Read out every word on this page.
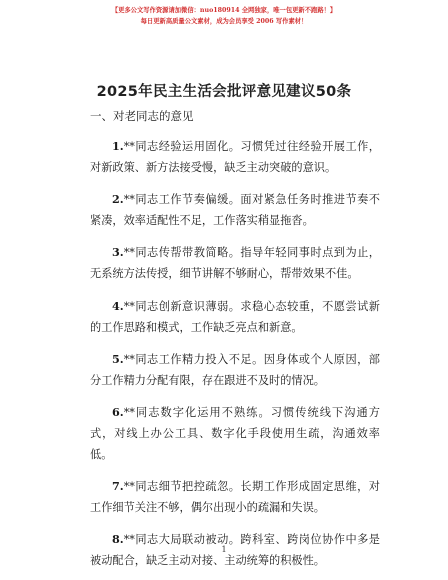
【更多公文写作资源请加微信：nuo180914 全网独家，唯一包更新不跑路！】
每日更新高质量公文素材，成为会员享受 2006 写作素材！
2025年民主生活会批评意见建议50条
一、对老同志的意见

1.**同志经验运用固化。习惯凭过往经验开展工作，对新政策、新方法接受慢，缺乏主动突破的意识。

2.**同志工作节奏偏缓。面对紧急任务时推进节奏不紧凑，效率适配性不足，工作落实稍显拖沓。

3.**同志传帮带教简略。指导年轻同事时点到为止，无系统方法传授，细节讲解不够耐心，帮带效果不佳。

4.**同志创新意识薄弱。求稳心态较重，不愿尝试新的工作思路和模式，工作缺乏亮点和新意。

5.**同志工作精力投入不足。因身体或个人原因，部分工作精力分配有限，存在跟进不及时的情况。

6.**同志数字化运用不熟练。习惯传统线下沟通方式，对线上办公工具、数字化手段使用生疏，沟通效率低。

7.**同志细节把控疏忽。长期工作形成固定思维，对工作细节关注不够，偶尔出现小的疏漏和失误。

8.**同志大局联动被动。跨科室、跨岗位协作中多是被动配合，缺乏主动对接、主动统筹的积极性。

1
